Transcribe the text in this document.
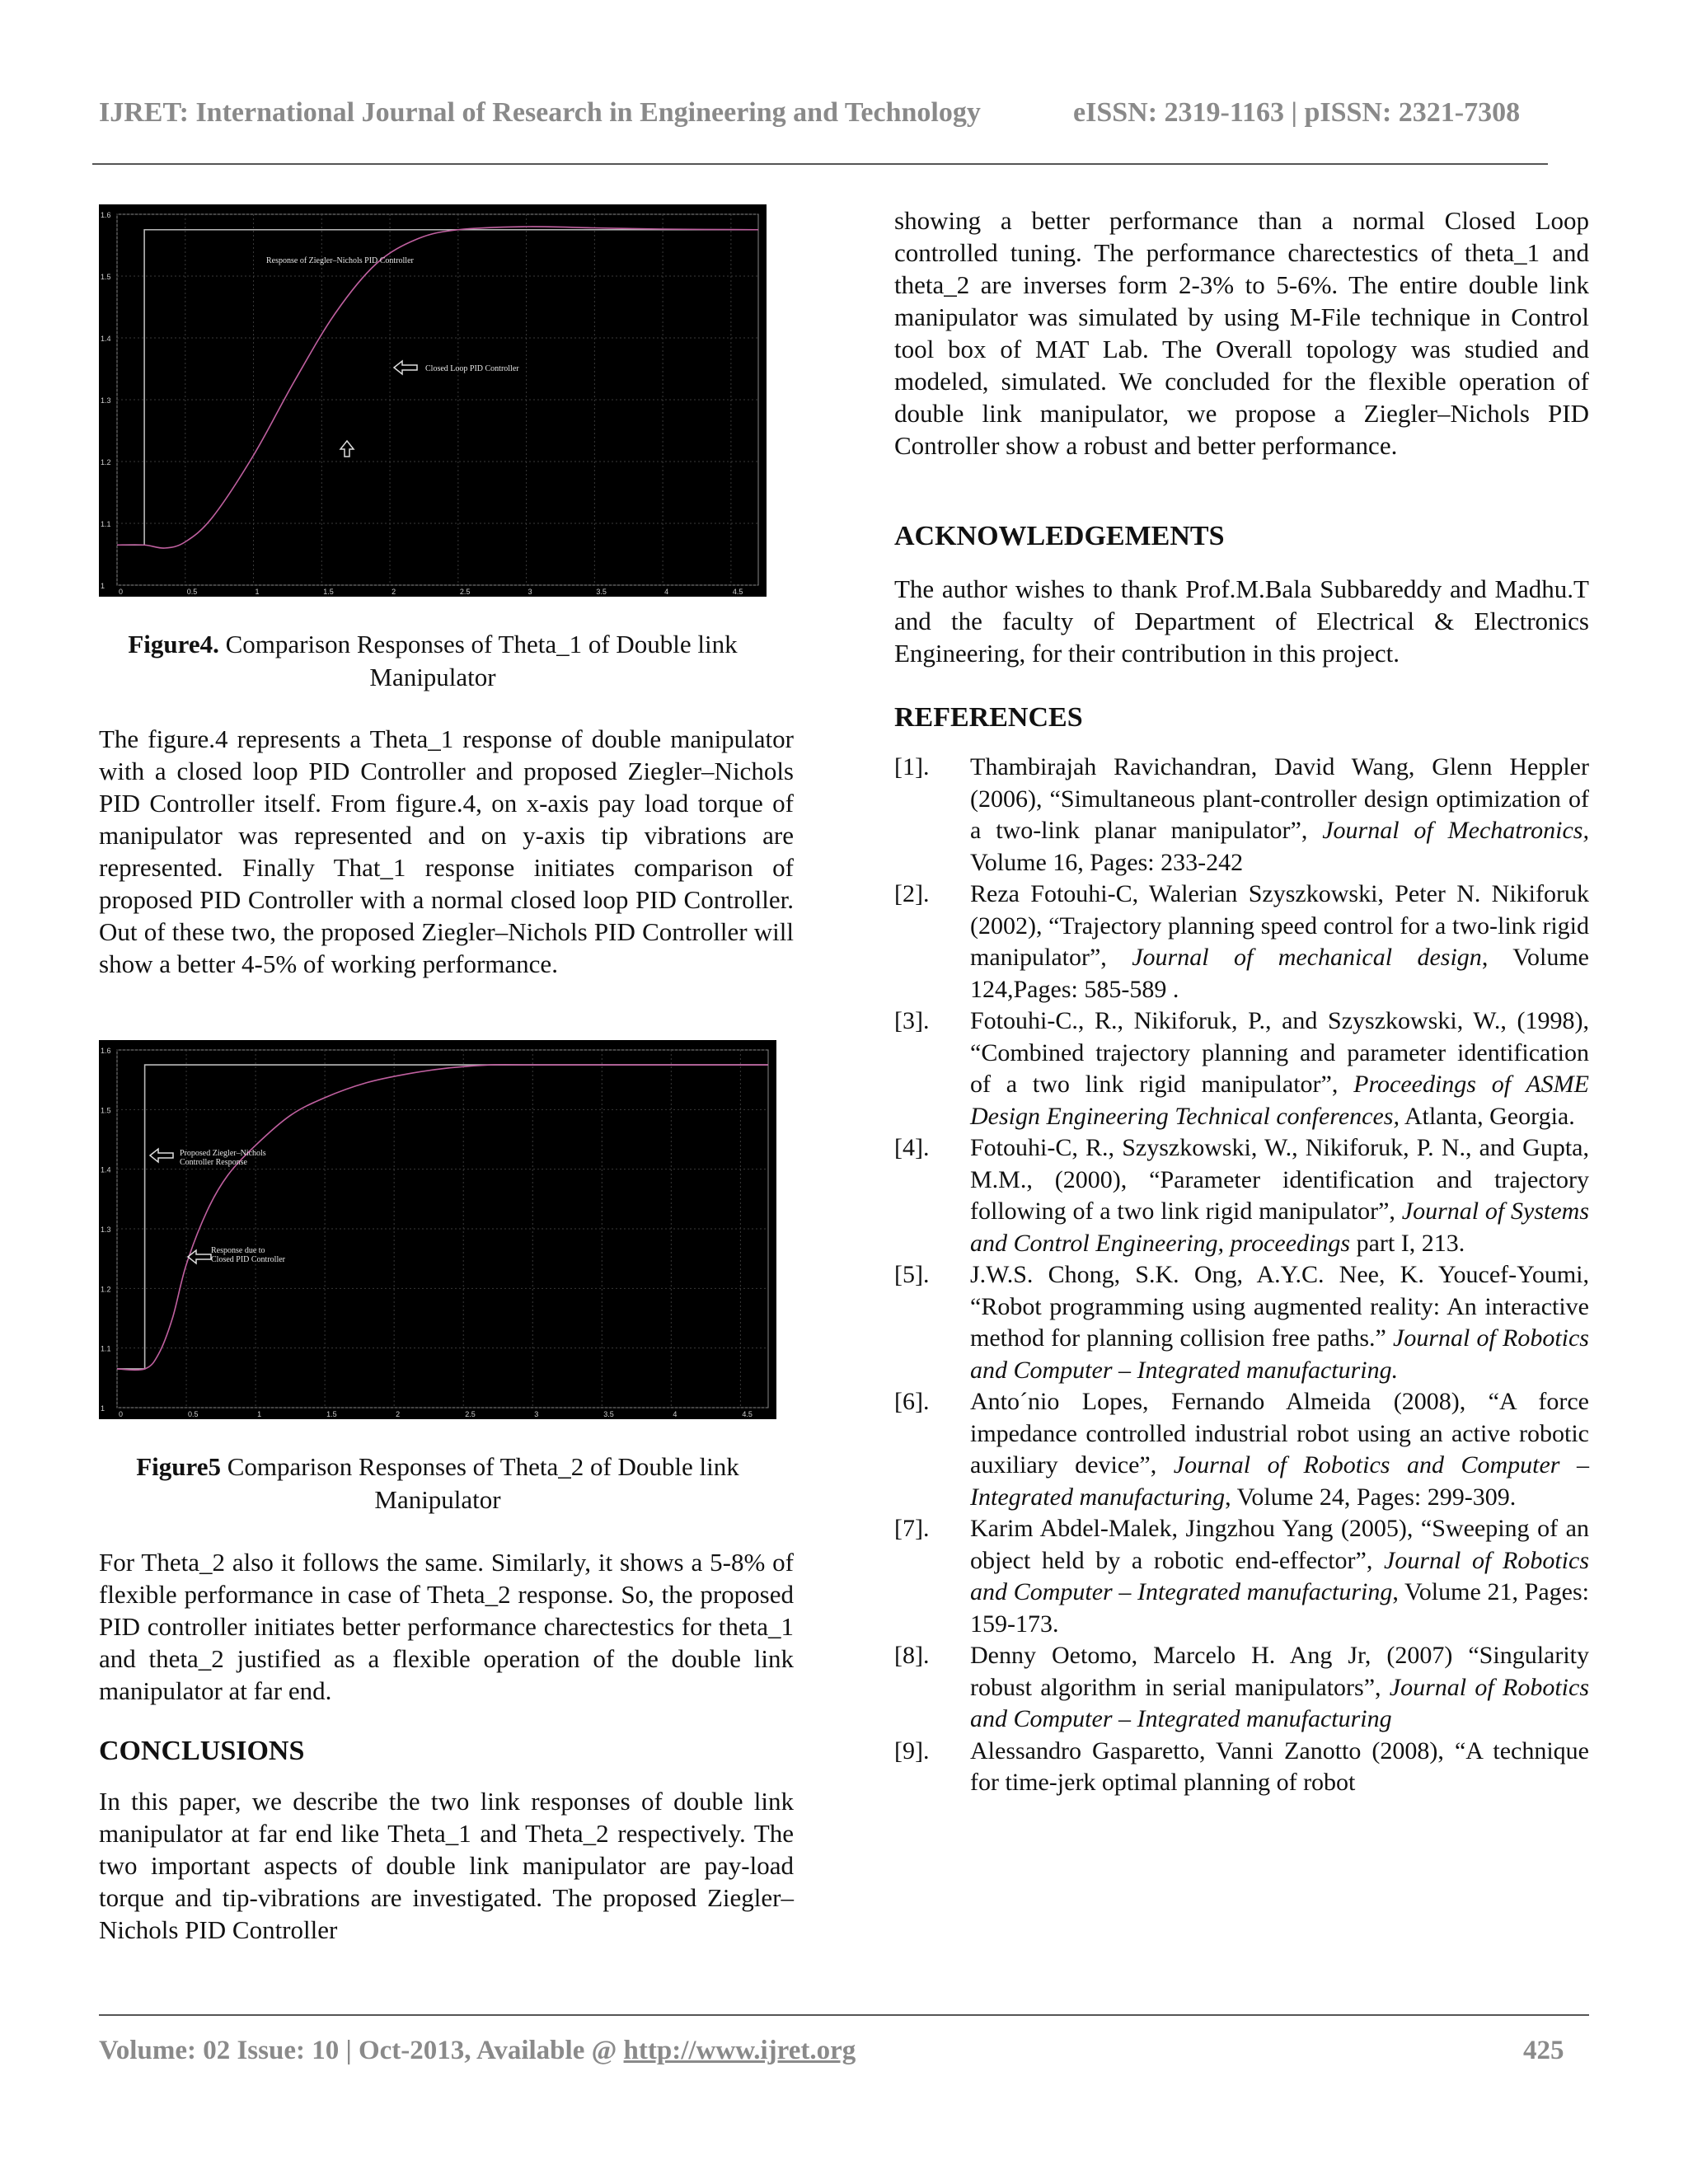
IJRET: International Journal of Research in Engineering and Technology	eISSN: 2319-1163 | pISSN: 2321-7308
0	0.5	1	1.5	2	2.5	3	3.5	4	4.5
1
1.1
1.2
1.3
1.4
1.5
1.6
Response of Ziegler–Nichols PID Controller
Closed Loop PID Controller
Figure4. Comparison Responses of Theta_1 of Double link Manipulator

The figure.4 represents a Theta_1 response of double manipulator with a closed loop PID Controller and proposed Ziegler–Nichols PID Controller itself. From figure.4, on x-axis pay load torque of manipulator was represented and on y-axis tip vibrations are represented. Finally That_1 response initiates comparison of proposed PID Controller with a normal closed loop PID Controller. Out of these two, the proposed Ziegler–Nichols PID Controller will show a better 4-5% of working performance.

0	0.5	1	1.5	2	2.5	3	3.5	4	4.5
1
1.1
1.2
1.3
1.4
1.5
1.6
Proposed Ziegler–Nichols
Controller Response
Response due to
Closed PID Controller
Figure5 Comparison Responses of Theta_2 of Double link Manipulator

For Theta_2 also it follows the same. Similarly, it shows a 5-8% of flexible performance in case of Theta_2 response. So, the proposed PID controller initiates better performance charectestics for theta_1 and theta_2 justified as a flexible operation of the double link manipulator at far end.

CONCLUSIONS

In this paper, we describe the two link responses of double link manipulator at far end like Theta_1 and Theta_2 respectively. The two important aspects of double link manipulator are pay-load torque and tip-vibrations are investigated. The proposed Ziegler–Nichols PID Controller

showing a better performance than a normal Closed Loop controlled tuning. The performance charectestics of theta_1 and theta_2 are inverses form 2-3% to 5-6%. The entire double link manipulator was simulated by using M-File technique in Control tool box of MAT Lab. The Overall topology was studied and modeled, simulated. We concluded for the flexible operation of double link manipulator, we propose a Ziegler–Nichols PID Controller show a robust and better performance.

ACKNOWLEDGEMENTS

The author wishes to thank Prof.M.Bala Subbareddy and Madhu.T and the faculty of Department of Electrical & Electronics Engineering, for their contribution in this project.

REFERENCES

[1]. Thambirajah Ravichandran, David Wang, Glenn Heppler (2006), “Simultaneous plant-controller design optimization of a two-link planar manipulator”, Journal of Mechatronics, Volume 16, Pages: 233-242

[2]. Reza Fotouhi-C, Walerian Szyszkowski, Peter N. Nikiforuk (2002), “Trajectory planning speed control for a two-link rigid manipulator”, Journal of mechanical design, Volume 124,Pages: 585-589 .

[3]. Fotouhi-C., R., Nikiforuk, P., and Szyszkowski, W., (1998), “Combined trajectory planning and parameter identification of a two link rigid manipulator”, Proceedings of ASME Design Engineering Technical conferences, Atlanta, Georgia.

[4]. Fotouhi-C, R., Szyszkowski, W., Nikiforuk, P. N., and Gupta, M.M., (2000), “Parameter identification and trajectory following of a two link rigid manipulator”, Journal of Systems and Control Engineering, proceedings part I, 213.

[5]. J.W.S. Chong, S.K. Ong, A.Y.C. Nee, K. Youcef-Youmi, “Robot programming using augmented reality: An interactive method for planning collision free paths.” Journal of Robotics and Computer – Integrated manufacturing.

[6]. Anto´nio Lopes, Fernando Almeida (2008), “A force impedance controlled industrial robot using an active robotic auxiliary device”, Journal of Robotics and Computer – Integrated manufacturing, Volume 24, Pages: 299-309.

[7]. Karim Abdel-Malek, Jingzhou Yang (2005), “Sweeping of an object held by a robotic end-effector”, Journal of Robotics and Computer – Integrated manufacturing, Volume 21, Pages: 159-173.

[8]. Denny Oetomo, Marcelo H. Ang Jr, (2007) “Singularity robust algorithm in serial manipulators”, Journal of Robotics and Computer – Integrated manufacturing

[9]. Alessandro Gasparetto, Vanni Zanotto (2008), “A technique for time-jerk optimal planning of robot

Volume: 02 Issue: 10 | Oct-2013, Available @ http://www.ijret.org	425
